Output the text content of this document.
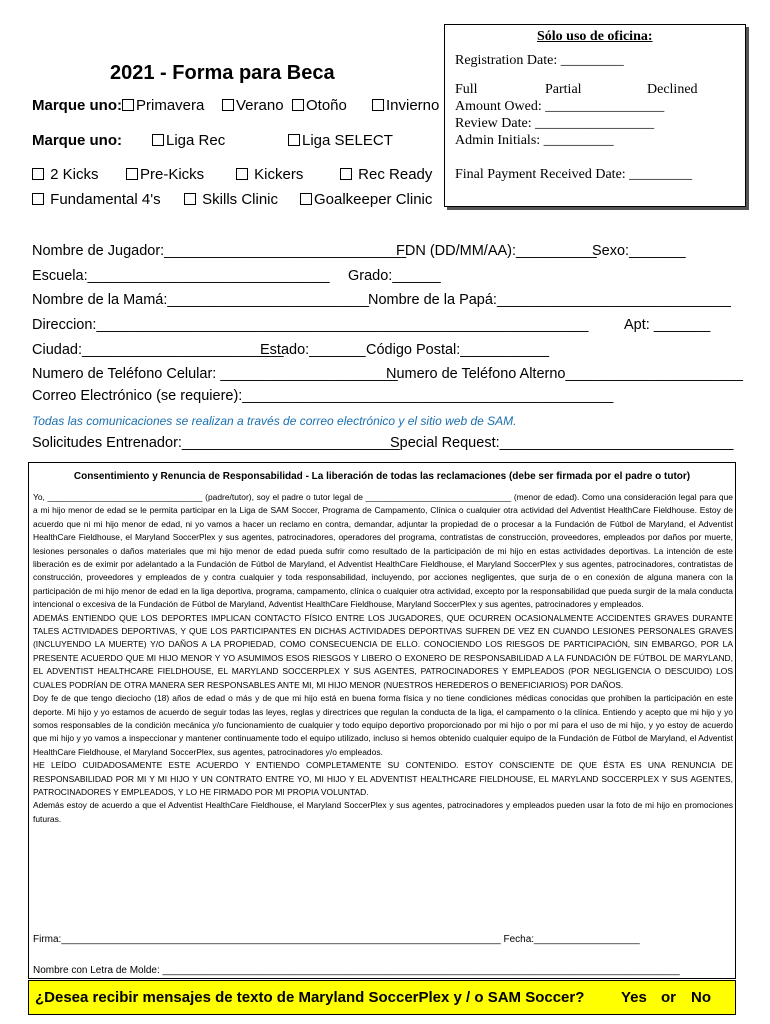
Sólo uso de oficina:
Registration Date: _________
Full	Partial	Declined
Amount Owed: _________________
Review Date: _________________
Admin Initials: __________
Final Payment Received Date: _________
2021 - Forma para Beca
Marque uno: Primavera	Verano	Otoño	Invierno
Marque uno:	Liga Rec	Liga SELECT
2 Kicks	Pre-Kicks	Kickers	Rec Ready
Fundamental 4's	Skills Clinic	Goalkeeper Clinic
Nombre de Jugador:______________________________
FDN (DD/MM/AA):__________
Sexo:_______
Escuela:______________________________ Grado:______
Nombre de la Mamá:_________________________ Nombre de la Papá:_____________________________
Direccion:_____________________________________________________________ Apt: _______
Ciudad:_________________________
Estado:_______ Código Postal:___________
Numero de Teléfono Celular: ______________________
Numero de Teléfono Alterno______________________
Correo Electrónico (se requiere):______________________________________________
Todas las comunicaciones se realizan a través de correo electrónico y el sitio web de SAM.
Solicitudes Entrenador:___________________________
Special Request:_____________________________
Consentimiento y Renuncia de Responsabilidad - La liberación de todas las reclamaciones (debe ser firmada por el padre o tutor)

Yo, _________________________________ (padre/tutor), soy el padre o tutor legal de _______________________________ (menor de edad). Como una consideración legal para que a mi hijo menor de edad se le permita participar en la Liga de SAM Soccer, Programa de Campamento, Clínica o cualquier otra actividad del Adventist HealthCare Fieldhouse. Estoy de acuerdo que ni mi hijo menor de edad, ni yo vamos a hacer un reclamo en contra, demandar, adjuntar la propiedad de o procesar a la Fundación de Fútbol de Maryland, el Adventist HealthCare Fieldhouse, el Maryland SoccerPlex y sus agentes, patrocinadores, operadores del programa, contratistas de construcción, proveedores, empleados por daños por muerte, lesiones personales o daños materiales que mi hijo menor de edad pueda sufrir como resultado de la participación de mi hijo en estas actividades deportivas. La intención de este liberación es de eximir por adelantado a la Fundación de Fútbol de Maryland, el Adventist HealthCare Fieldhouse, el Maryland SoccerPlex y sus agentes, patrocinadores, contratistas de construcción, proveedores y empleados de y contra cualquier y toda responsabilidad, incluyendo, por acciones negligentes, que surja de o en conexión de alguna manera con la participación de mi hijo menor de edad en la liga deportiva, programa, campamento, clínica o cualquier otra actividad, excepto por la responsabilidad que pueda surgir de la mala conducta intencional o excesiva de la Fundación de Fútbol de Maryland, Adventist HealthCare Fieldhouse, Maryland SoccerPlex y sus agentes, patrocinadores y empleados.

ADEMÁS ENTIENDO QUE LOS DEPORTES IMPLICAN CONTACTO FÍSICO ENTRE LOS JUGADORES, QUE OCURREN OCASIONALMENTE ACCIDENTES GRAVES DURANTE TALES ACTIVIDADES DEPORTIVAS, Y QUE LOS PARTICIPANTES EN DICHAS ACTIVIDADES DEPORTIVAS SUFREN DE VEZ EN CUANDO LESIONES PERSONALES GRAVES (INCLUYENDO LA MUERTE) Y/O DAÑOS A LA PROPIEDAD, COMO CONSECUENCIA DE ELLO. CONOCIENDO LOS RIESGOS DE PARTICIPACIÓN, SIN EMBARGO, POR LA PRESENTE ACUERDO QUE MI HIJO MENOR Y YO ASUMIMOS ESOS RIESGOS Y LIBERO O EXONERO DE RESPONSABILIDAD A LA FUNDACIÓN DE FÚTBOL DE MARYLAND, EL ADVENTIST HEALTHCARE FIELDHOUSE, EL MARYLAND SOCCERPLEX Y SUS AGENTES, PATROCINADORES Y EMPLEADOS (POR NEGLIGENCIA O DESCUIDO) LOS CUALES PODRÍAN DE OTRA MANERA SER RESPONSABLES ANTE MI, MI HIJO MENOR (NUESTROS HEREDEROS O BENEFICIARIOS) POR DAÑOS.

Doy fe de que tengo dieciocho (18) años de edad o más y de que mi hijo está en buena forma física y no tiene condiciones médicas conocidas que prohiben la participación en este deporte. Mi hijo y yo estamos de acuerdo de seguir todas las leyes, reglas y directrices que regulan la conducta de la liga, el campamento o la clínica. Entiendo y acepto que mi hijo y yo somos responsables de la condición mecánica y/o funcionamiento de cualquier y todo equipo deportivo proporcionado por mi hijo o por mí para el uso de mi hijo, y yo estoy de acuerdo que mi hijo y yo vamos a inspeccionar y mantener continuamente todo el equipo utilizado, incluso si hemos obtenido cualquier equipo de la Fundación de Fútbol de Maryland, el Adventist HealthCare Fieldhouse, el Maryland SoccerPlex, sus agentes, patrocinadores y/o empleados.

HE LEÍDO CUIDADOSAMENTE ESTE ACUERDO Y ENTIENDO COMPLETAMENTE SU CONTENIDO. ESTOY CONSCIENTE DE QUE ÉSTA ES UNA RENUNCIA DE RESPONSABILIDAD POR MI Y MI HIJO Y UN CONTRATO ENTRE YO, MI HIJO Y EL ADVENTIST HEALTHCARE FIELDHOUSE, EL MARYLAND SOCCERPLEX Y SUS AGENTES, PATROCINADORES Y EMPLEADOS, Y LO HE FIRMADO POR MI PROPIA VOLUNTAD.

Además estoy de acuerdo a que el Adventist HealthCare Fieldhouse, el Maryland SoccerPlex y sus agentes, patrocinadores y empleados pueden usar la foto de mi hijo en promociones futuras.

Firma:_______________________________________________________________________________ Fecha:___________________
Nombre con Letra de Molde: _____________________________________________________________________________________________
¿Desea recibir mensajes de texto de Maryland SoccerPlex y / o SAM Soccer? Yes or No
